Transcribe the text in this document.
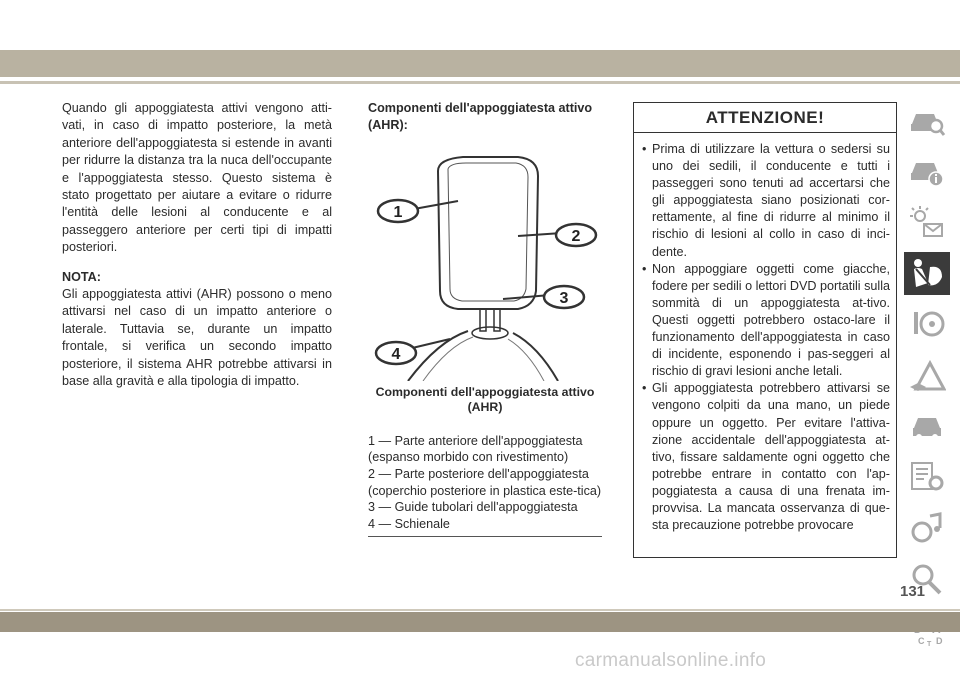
Quando gli appoggiatesta attivi vengono atti-vati, in caso di impatto posteriore, la metà anteriore dell'appoggiatesta si estende in avanti per ridurre la distanza tra la nuca dell'occupante e l'appoggiatesta stesso. Questo sistema è stato progettato per aiutare a evitare o ridurre l'entità delle lesioni al conducente e al passeggero anteriore per certi tipi di impatti posteriori.

NOTA:

Gli appoggiatesta attivi (AHR) possono o meno attivarsi nel caso di un impatto anteriore o laterale. Tuttavia se, durante un impatto frontale, si verifica un secondo impatto posteriore, il sistema AHR potrebbe attivarsi in base alla gravità e alla tipologia di impatto.

Componenti dell'appoggiatesta attivo (AHR):

1
2
3
4
Componenti dell'appoggiatesta attivo (AHR)
1 — Parte anteriore dell'appoggiatesta (espanso morbido con rivestimento)
2 — Parte posteriore dell'appoggiatesta (coperchio posteriore in plastica este-tica)
3 — Guide tubolari dell'appoggiatesta
4 — Schienale
ATTENZIONE!

• Prima di utilizzare la vettura o sedersi su uno dei sedili, il conducente e tutti i passeggeri sono tenuti ad accertarsi che gli appoggiatesta siano posizionati cor-rettamente, al fine di ridurre al minimo il rischio di lesioni al collo in caso di inci-dente.

• Non appoggiare oggetti come giacche, fodere per sedili o lettori DVD portatili sulla sommità di un appoggiatesta at-tivo. Questi oggetti potrebbero ostaco-lare il funzionamento dell'appoggiatesta in caso di incidente, esponendo i pas-seggeri al rischio di gravi lesioni anche letali.

• Gli appoggiatesta potrebbero attivarsi se vengono colpiti da una mano, un piede oppure un oggetto. Per evitare l'attiva-zione accidentale dell'appoggiatesta at-tivo, fissare saldamente ogni oggetto che potrebbe entrare in contatto con l'ap-poggiatesta a causa di una frenata im-provvisa. La mancata osservanza di que-sta precauzione potrebbe provocare

C D
T
131
carmanualsonline.info
